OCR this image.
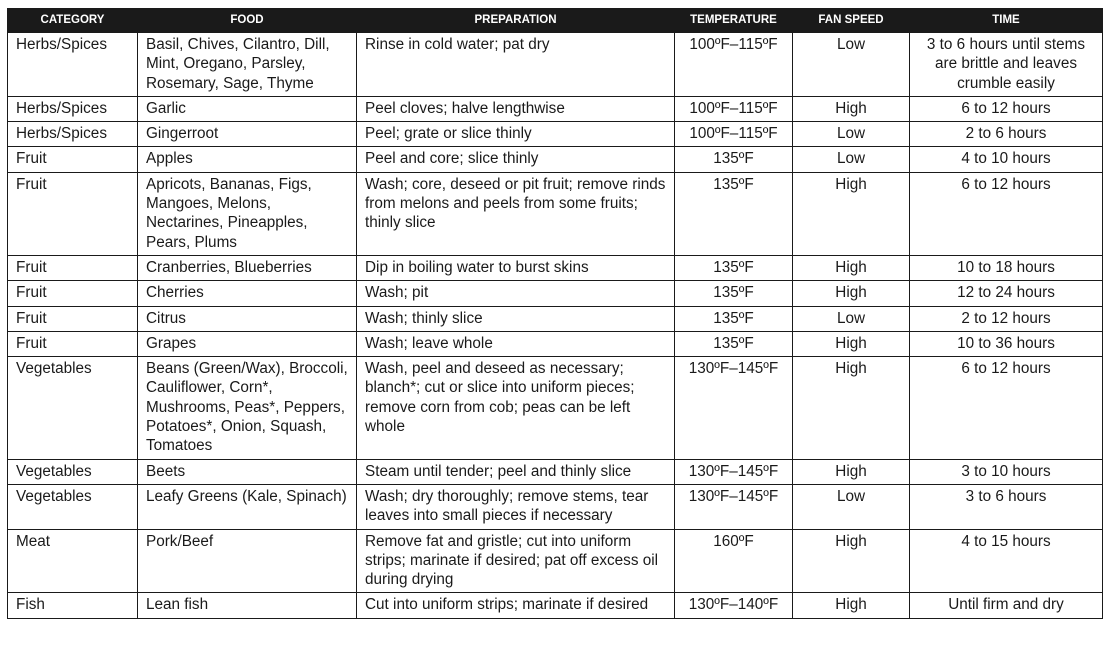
CATEGORY	FOOD	PREPARATION	TEMPERATURE	FAN SPEED	TIME
Herbs/Spices	Basil, Chives, Cilantro, Dill, Mint, Oregano, Parsley, Rosemary, Sage, Thyme	Rinse in cold water; pat dry	100ºF–115ºF	Low	3 to 6 hours until stems are brittle and leaves crumble easily
Herbs/Spices	Garlic	Peel cloves; halve lengthwise	100ºF–115ºF	High	6 to 12 hours
Herbs/Spices	Gingerroot	Peel; grate or slice thinly	100ºF–115ºF	Low	2 to 6 hours
Fruit	Apples	Peel and core; slice thinly	135ºF	Low	4 to 10 hours
Fruit	Apricots, Bananas, Figs, Mangoes, Melons, Nectarines, Pineapples, Pears, Plums	Wash; core, deseed or pit fruit; remove rinds from melons and peels from some fruits; thinly slice	135ºF	High	6 to 12 hours
Fruit	Cranberries, Blueberries	Dip in boiling water to burst skins	135ºF	High	10 to 18 hours
Fruit	Cherries	Wash; pit	135ºF	High	12 to 24 hours
Fruit	Citrus	Wash; thinly slice	135ºF	Low	2 to 12 hours
Fruit	Grapes	Wash; leave whole	135ºF	High	10 to 36 hours
Vegetables	Beans (Green/Wax), Broccoli, Cauliflower, Corn*, Mushrooms, Peas*, Peppers, Potatoes*, Onion, Squash, Tomatoes	Wash, peel and deseed as necessary; blanch*; cut or slice into uniform pieces; remove corn from cob; peas can be left whole	130ºF–145ºF	High	6 to 12 hours
Vegetables	Beets	Steam until tender; peel and thinly slice	130ºF–145ºF	High	3 to 10 hours
Vegetables	Leafy Greens (Kale, Spinach)	Wash; dry thoroughly; remove stems, tear leaves into small pieces if necessary	130ºF–145ºF	Low	3 to 6 hours
Meat	Pork/Beef	Remove fat and gristle; cut into uniform strips; marinate if desired; pat off excess oil during drying	160ºF	High	4 to 15 hours
Fish	Lean fish	Cut into uniform strips; marinate if desired	130ºF–140ºF	High	Until firm and dry
